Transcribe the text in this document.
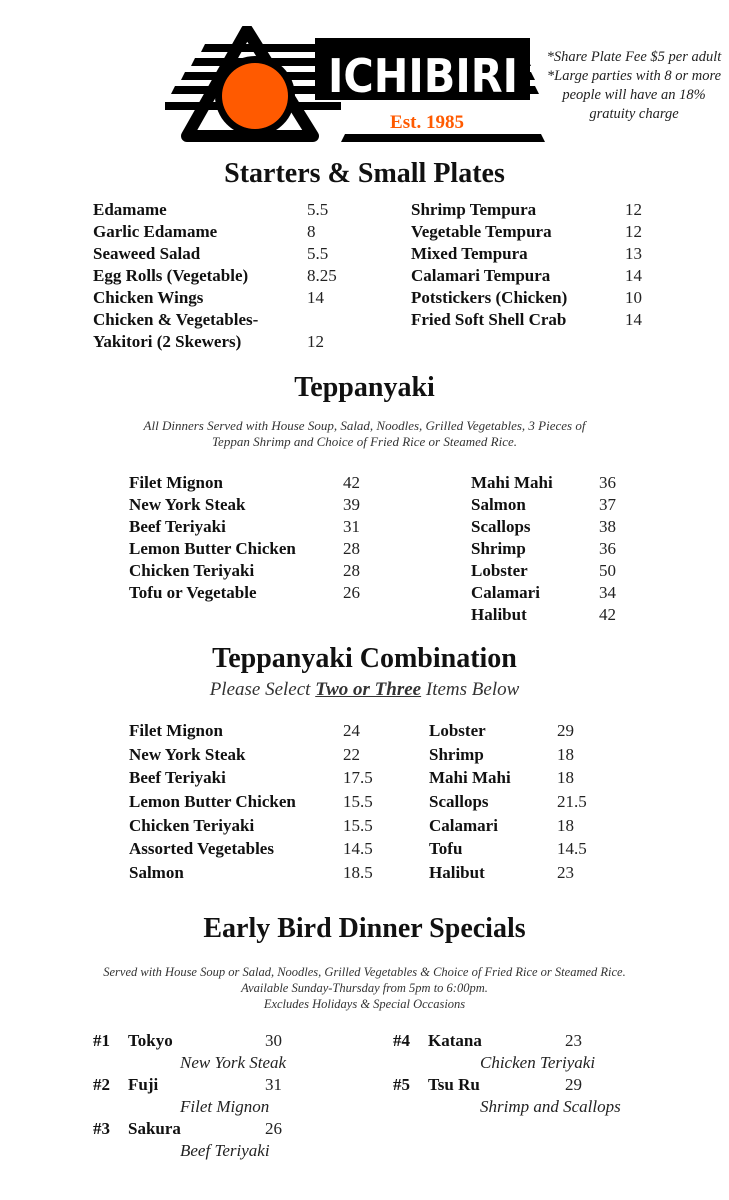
ICHIBIRI
Est. 1985
*Share Plate Fee $5 per adult
*Large parties with 8 or more people will have an 18% gratuity charge
Starters & Small Plates
Edamame	5.5
Garlic Edamame	8
Seaweed Salad	5.5
Egg Rolls (Vegetable)	8.25
Chicken Wings	14
Chicken & Vegetables-
Yakitori (2 Skewers)	12
Shrimp Tempura	12
Vegetable Tempura	12
Mixed Tempura	13
Calamari Tempura	14
Potstickers (Chicken)	10
Fried Soft Shell Crab	14
Teppanyaki
All Dinners Served with House Soup, Salad, Noodles, Grilled Vegetables, 3 Pieces of
Teppan Shrimp and Choice of Fried Rice or Steamed Rice.
Filet Mignon	42
New York Steak	39
Beef Teriyaki	31
Lemon Butter Chicken	28
Chicken Teriyaki	28
Tofu or Vegetable	26
Mahi Mahi	36
Salmon	37
Scallops	38
Shrimp	36
Lobster	50
Calamari	34
Halibut	42
Teppanyaki Combination
Please Select Two or Three Items Below
Filet Mignon	24
New York Steak	22
Beef Teriyaki	17.5
Lemon Butter Chicken	15.5
Chicken Teriyaki	15.5
Assorted Vegetables	14.5
Salmon	18.5
Lobster	29
Shrimp	18
Mahi Mahi	18
Scallops	21.5
Calamari	18
Tofu	14.5
Halibut	23
Early Bird Dinner Specials
Served with House Soup or Salad, Noodles, Grilled Vegetables & Choice of Fried Rice or Steamed Rice.
Available Sunday-Thursday from 5pm to 6:00pm.
Excludes Holidays & Special Occasions
#1 Tokyo	30
New York Steak
#2 Fuji	31
Filet Mignon
#3 Sakura	26
Beef Teriyaki
#4 Katana	23
Chicken Teriyaki
#5 Tsu Ru	29
Shrimp and Scallops
